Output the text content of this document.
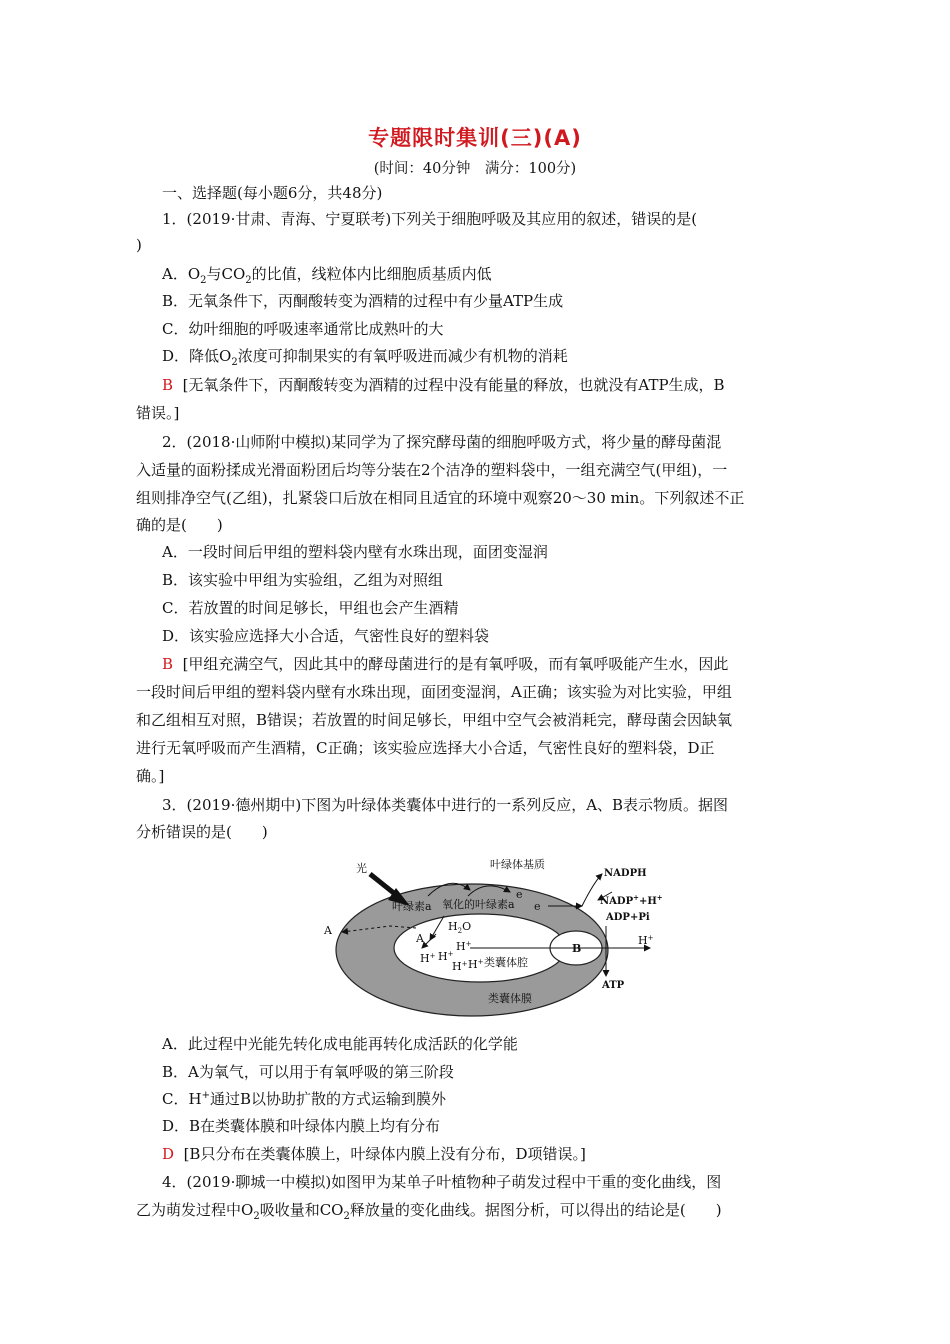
专题限时集训(三)(A)
(时间：40分钟　满分：100分)
一、选择题(每小题6分，共48分)
1．(2019·甘肃、青海、宁夏联考)下列关于细胞呼吸及其应用的叙述，错误的是(
)
A．$O_2$与$CO_2$的比值，线粒体内比细胞质基质内低
B．无氧条件下，丙酮酸转变为酒精的过程中有少量ATP生成
C．幼叶细胞的呼吸速率通常比成熟叶的大
D．降低$O_2$浓度可抑制果实的有氧呼吸进而减少有机物的消耗
B [无氧条件下，丙酮酸转变为酒精的过程中没有能量的释放，也就没有ATP生成，B
错误。]
2．(2018·山师附中模拟)某同学为了探究酵母菌的细胞呼吸方式，将少量的酵母菌混
入适量的面粉揉成光滑面粉团后均等分装在2个洁净的塑料袋中，一组充满空气(甲组)，一
组则排净空气(乙组)，扎紧袋口后放在相同且适宜的环境中观察20～30 min。下列叙述不正
确的是(　　)
A．一段时间后甲组的塑料袋内壁有水珠出现，面团变湿润
B．该实验中甲组为实验组，乙组为对照组
C．若放置的时间足够长，甲组也会产生酒精
D．该实验应选择大小合适，气密性良好的塑料袋
B [甲组充满空气，因此其中的酵母菌进行的是有氧呼吸，而有氧呼吸能产生水，因此
一段时间后甲组的塑料袋内壁有水珠出现，面团变湿润，A正确；该实验为对比实验，甲组
和乙组相互对照，B错误；若放置的时间足够长，甲组中空气会被消耗完，酵母菌会因缺氧
进行无氧呼吸而产生酒精，C正确；该实验应选择大小合适，气密性良好的塑料袋，D正
确。]
3．(2019·德州期中)下图为叶绿体类囊体中进行的一系列反应，A、B表示物质。据图
分析错误的是(　　)
光	叶绿体基质
叶绿素a 氧化的叶绿素a
e
e
NADPH
NADP++H+
ADP+Pi
A
A
$H_2O$
H+
H+ H+
H+ H+
B
类囊体腔
H+
ATP
类囊体膜
A．此过程中光能先转化成电能再转化成活跃的化学能
B．A为氧气，可以用于有氧呼吸的第三阶段
C．H+通过B以协助扩散的方式运输到膜外
D．B在类囊体膜和叶绿体内膜上均有分布
D [B只分布在类囊体膜上，叶绿体内膜上没有分布，D项错误。]
4．(2019·聊城一中模拟)如图甲为某单子叶植物种子萌发过程中干重的变化曲线，图
乙为萌发过程中$O_2$吸收量和$CO_2$释放量的变化曲线。据图分析，可以得出的结论是(　　)
